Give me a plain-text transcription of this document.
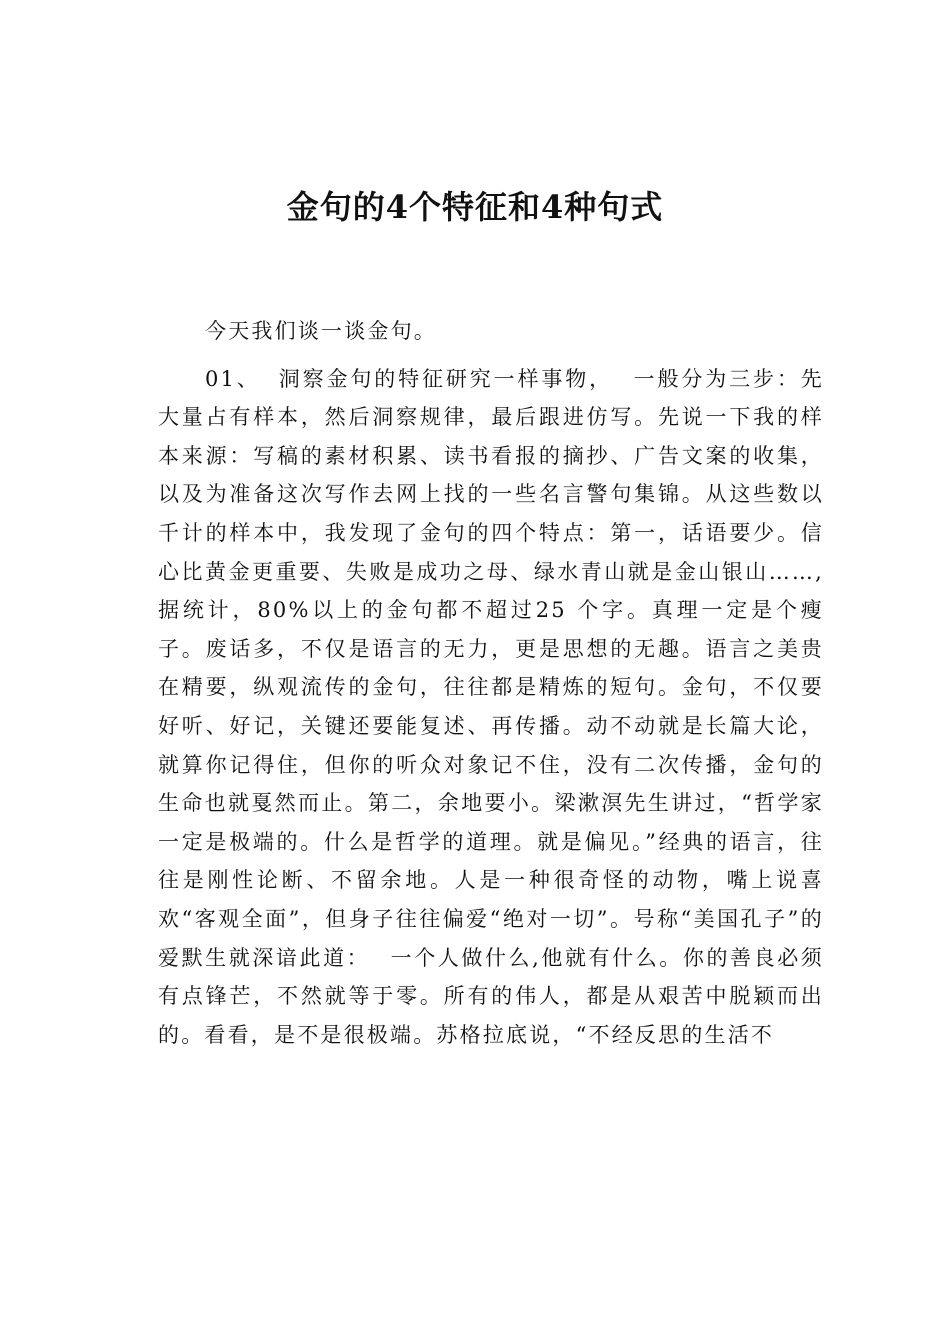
金句的4个特征和4种句式

今天我们谈一谈金句。

01、 洞察金句的特征研究一样事物， 一般分为三步：先大量占有样本，然后洞察规律，最后跟进仿写。先说一下我的样本来源：写稿的素材积累、读书看报的摘抄、广告文案的收集，以及为准备这次写作去网上找的一些名言警句集锦。从这些数以千计的样本中，我发现了金句的四个特点：第一，话语要少。信心比黄金更重要、失败是成功之母、绿水青山就是金山银山……,据统计，80%以上的金句都不超过25 个字。真理一定是个瘦子。废话多，不仅是语言的无力，更是思想的无趣。语言之美贵在精要，纵观流传的金句，往往都是精炼的短句。金句，不仅要好听、好记，关键还要能复述、再传播。动不动就是长篇大论，就算你记得住，但你的听众对象记不住，没有二次传播，金句的生命也就戛然而止。第二，余地要小。梁漱溟先生讲过，“哲学家一定是极端的。什么是哲学的道理。就是偏见。”经典的语言，往往是刚性论断、不留余地。人是一种很奇怪的动物，嘴上说喜欢“客观全面”，但身子往往偏爱“绝对一切”。号称“美国孔子”的爱默生就深谙此道： 一个人做什么,他就有什么。你的善良必须有点锋芒，不然就等于零。所有的伟人，都是从艰苦中脱颖而出的。看看，是不是很极端。苏格拉底说，“不经反思的生活不
